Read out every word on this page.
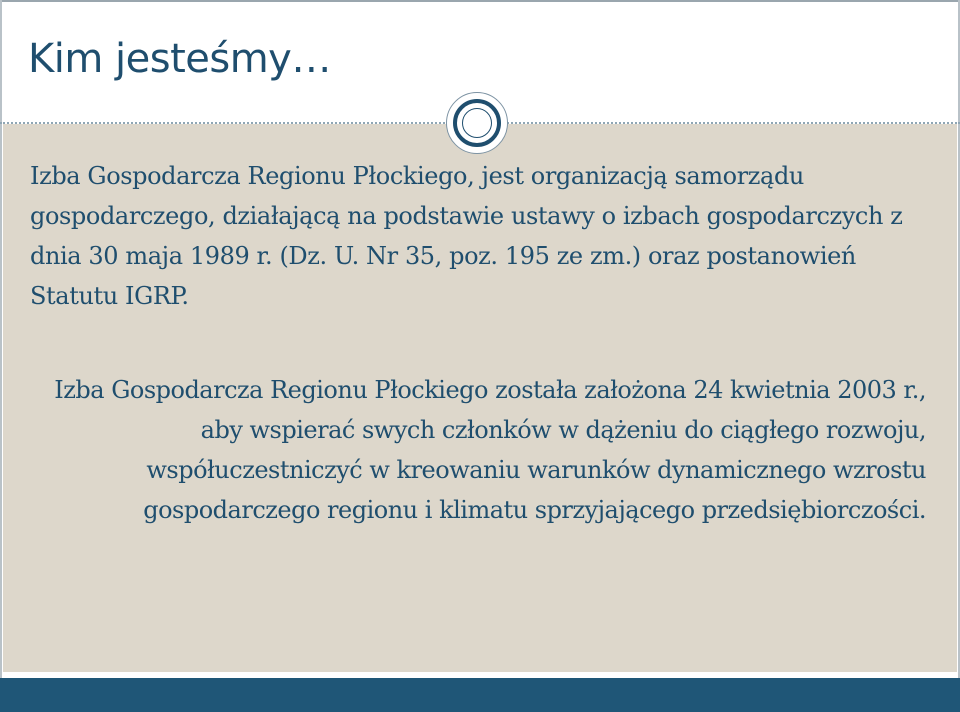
Kim jesteśmy…
Izba Gospodarcza Regionu Płockiego, jest organizacją samorządu gospodarczego, działającą na podstawie ustawy o izbach gospodarczych z dnia 30 maja 1989 r. (Dz. U. Nr 35, poz. 195 ze zm.) oraz postanowień Statutu IGRP.
Izba Gospodarcza Regionu Płockiego została założona 24 kwietnia 2003 r., aby wspierać swych członków w dążeniu do ciągłego rozwoju, współuczestniczyć w kreowaniu warunków dynamicznego wzrostu gospodarczego regionu i klimatu sprzyjającego przedsiębiorczości.
